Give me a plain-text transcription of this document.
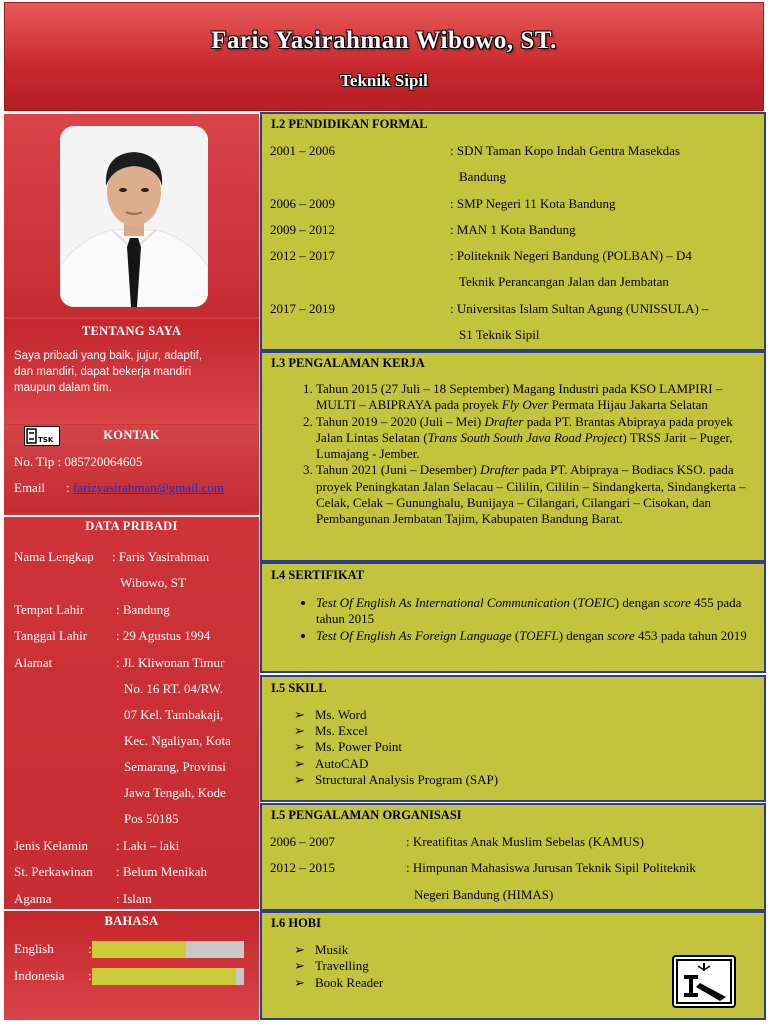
Faris Yasirahman Wibowo, ST.
Teknik Sipil
TENTANG SAYA
Saya pribadi yang baik, jujur, adaptif,
dan mandiri, dapat bekerja mandiri
maupun dalam tim.
TSK	KONTAK
No. Tlp : 085720064605
Email : farizyasirahman@gmail.com
DATA PRIBADI
Nama Lengkap : Faris Yasirahman
Wibowo, ST
Tempat Lahir : Bandung
Tanggal Lahir : 29 Agustus 1994
Alamat	: Jl. Kliwonan Timur
No. 16 RT. 04/RW.
07 Kel. Tambakaji,
Kec. Ngaliyan, Kota
Semarang, Provinsi
Jawa Tengah, Kode
Pos 50185
Jenis Kelamin : Laki – laki
St. Perkawinan : Belum Menikah
Agama	: Islam
BAHASA
English	:
Indonesia :
I.2 PENDIDIKAN FORMAL
2001 – 2006	: SDN Taman Kopo Indah Gentra Masekdas
Bandung
2006 – 2009	: SMP Negeri 11 Kota Bandung
2009 – 2012	: MAN 1 Kota Bandung
2012 – 2017	: Politeknik Negeri Bandung (POLBAN) – D4
Teknik Perancangan Jalan dan Jembatan
2017 – 2019	: Universitas Islam Sultan Agung (UNISSULA) –
S1 Teknik Sipil
I.3 PENGALAMAN KERJA
1. Tahun 2015 (27 Juli – 18 September) Magang Industri pada KSO LAMPIRI – MULTI – ABIPRAYA pada proyek Fly Over Permata Hijau Jakarta Selatan
2. Tahun 2019 – 2020 (Juli – Mei) Drafter pada PT. Brantas Abipraya pada proyek Jalan Lintas Selatan (Trans South South Java Road Project) TRSS Jarit – Puger, Lumajang - Jember.
3. Tahun 2021 (Juni – Desember) Drafter pada PT. Abipraya – Bodiacs KSO. pada proyek Peningkatan Jalan Selacau – Cililin, Cililin – Sindangkerta, Sindangkerta – Celak, Celak – Gununghalu, Bunijaya – Cilangari, Cilangari – Cisokan, dan Pembangunan Jembatan Tajim, Kabupaten Bandung Barat.
I.4 SERTIFIKAT
• Test Of English As International Communication (TOEIC) dengan score 455 pada tahun 2015
• Test Of English As Foreign Language (TOEFL) dengan score 453 pada tahun 2019
I.5 SKILL
➢ Ms. Word
➢ Ms. Excel
➢ Ms. Power Point
➢ AutoCAD
➢ Structural Analysis Program (SAP)
I.5 PENGALAMAN ORGANISASI
2006 – 2007	: Kreatifitas Anak Muslim Sebelas (KAMUS)
2012 – 2015	: Himpunan Mahasiswa Jurusan Teknik Sipil Politeknik
Negeri Bandung (HIMAS)
I.6 HOBI
➢ Musik
➢ Travelling
➢ Book Reader
